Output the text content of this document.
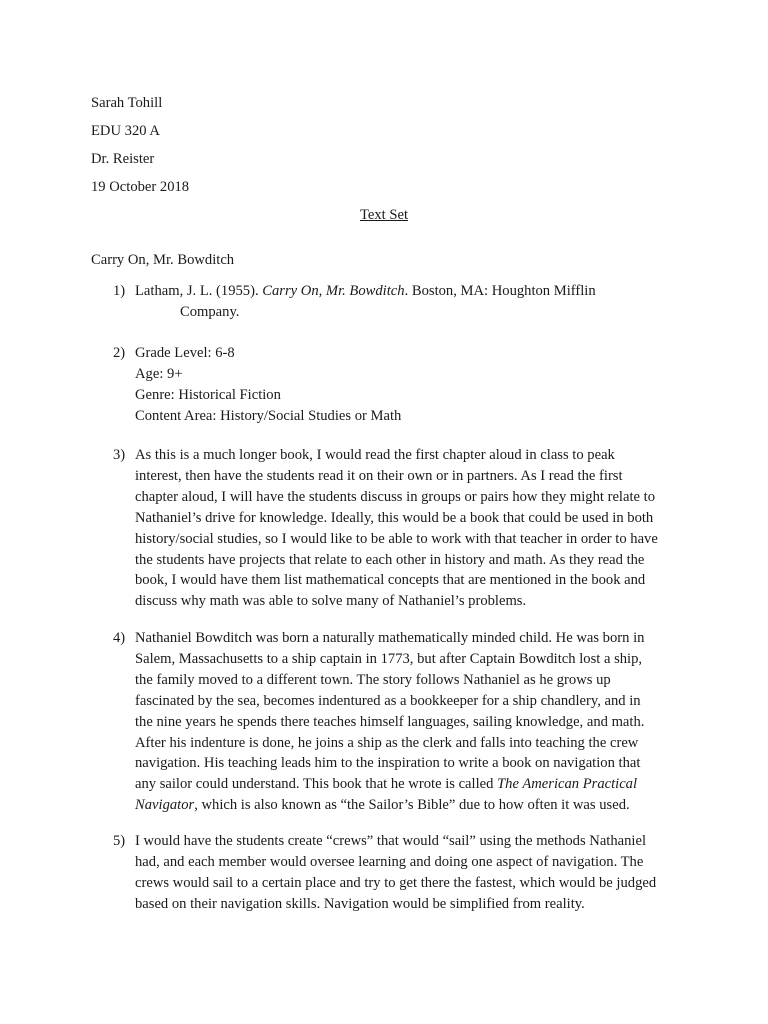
Sarah Tohill
EDU 320 A
Dr. Reister
19 October 2018
Text Set
Carry On, Mr. Bowditch
1) Latham, J. L. (1955). Carry On, Mr. Bowditch. Boston, MA: Houghton Mifflin

Company.

2) Grade Level: 6-8

Age: 9+

Genre: Historical Fiction

Content Area: History/Social Studies or Math

3) As this is a much longer book, I would read the first chapter aloud in class to peak
interest, then have the students read it on their own or in partners. As I read the first
chapter aloud, I will have the students discuss in groups or pairs how they might relate to
Nathaniel’s drive for knowledge. Ideally, this would be a book that could be used in both
history/social studies, so I would like to be able to work with that teacher in order to have
the students have projects that relate to each other in history and math. As they read the
book, I would have them list mathematical concepts that are mentioned in the book and
discuss why math was able to solve many of Nathaniel’s problems.
4) Nathaniel Bowditch was born a naturally mathematically minded child. He was born in
Salem, Massachusetts to a ship captain in 1773, but after Captain Bowditch lost a ship,
the family moved to a different town. The story follows Nathaniel as he grows up
fascinated by the sea, becomes indentured as a bookkeeper for a ship chandlery, and in
the nine years he spends there teaches himself languages, sailing knowledge, and math.
After his indenture is done, he joins a ship as the clerk and falls into teaching the crew
navigation. His teaching leads him to the inspiration to write a book on navigation that
any sailor could understand. This book that he wrote is called The American Practical
Navigator, which is also known as “the Sailor’s Bible” due to how often it was used.
5) I would have the students create “crews” that would “sail” using the methods Nathaniel
had, and each member would oversee learning and doing one aspect of navigation. The
crews would sail to a certain place and try to get there the fastest, which would be judged
based on their navigation skills. Navigation would be simplified from reality.
